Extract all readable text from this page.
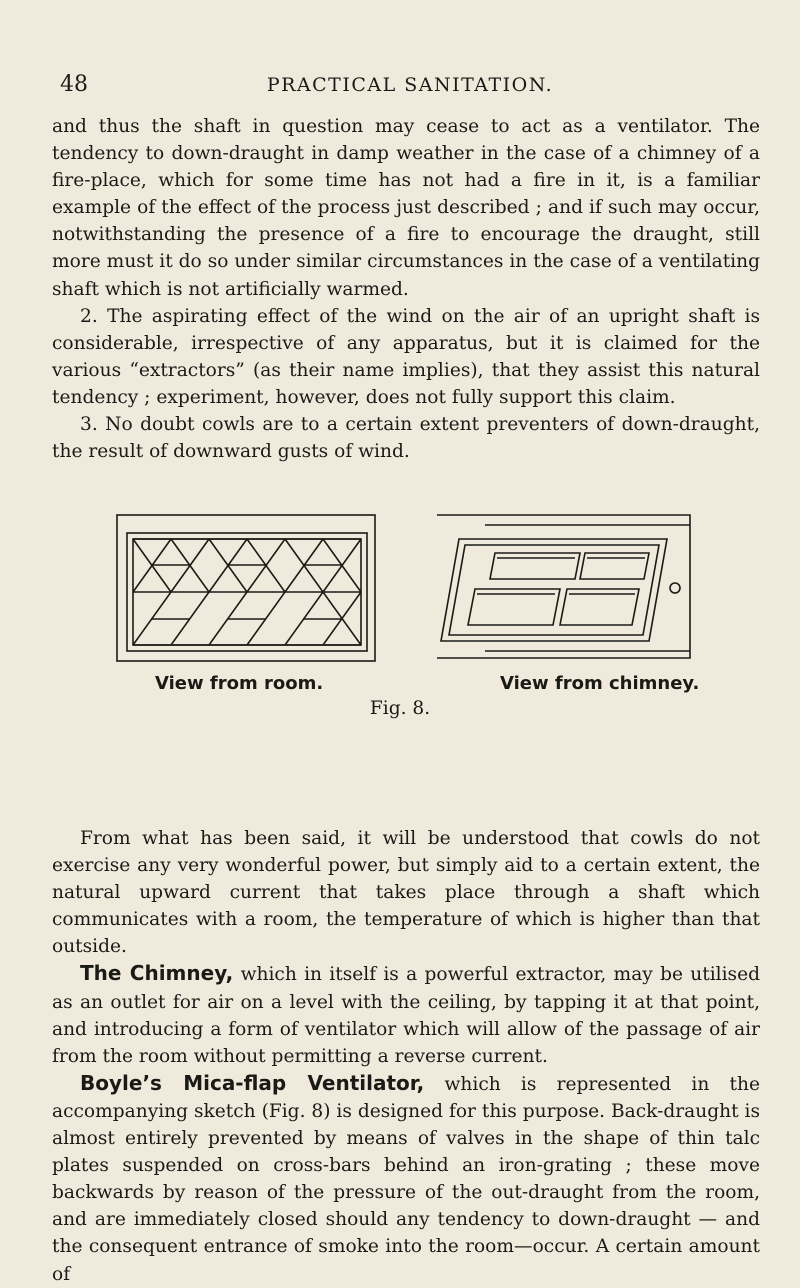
48	PRACTICAL SANITATION.

and thus the shaft in question may cease to act as a ventilator. The tendency to down-draught in damp weather in the case of a chimney of a fire-place, which for some time has not had a fire in it, is a familiar example of the effect of the process just described ; and if such may occur, notwithstanding the presence of a fire to encourage the draught, still more must it do so under similar circumstances in the case of a ventilating shaft which is not artificially warmed.

2. The aspirating effect of the wind on the air of an upright shaft is considerable, irrespective of any apparatus, but it is claimed for the various “extractors” (as their name implies), that they assist this natural tendency ; experiment, however, does not fully support this claim.

3. No doubt cowls are to a certain extent preventers of down-draught, the result of downward gusts of wind.

View from room.	View from chimney.
Fig. 8.

From what has been said, it will be understood that cowls do not exercise any very wonderful power, but simply aid to a certain extent, the natural upward current that takes place through a shaft which communicates with a room, the temperature of which is higher than that outside.

The Chimney, which in itself is a powerful extractor, may be utilised as an outlet for air on a level with the ceiling, by tapping it at that point, and introducing a form of ventilator which will allow of the passage of air from the room without permitting a reverse current.

Boyle’s Mica-flap Ventilator, which is represented in the accompanying sketch (Fig. 8) is designed for this purpose. Back-draught is almost entirely prevented by means of valves in the shape of thin talc plates suspended on cross-bars behind an iron-grating ; these move backwards by reason of the pressure of the out-draught from the room, and are immediately closed should any tendency to down-draught — and the consequent entrance of smoke into the room—occur. A certain amount of
